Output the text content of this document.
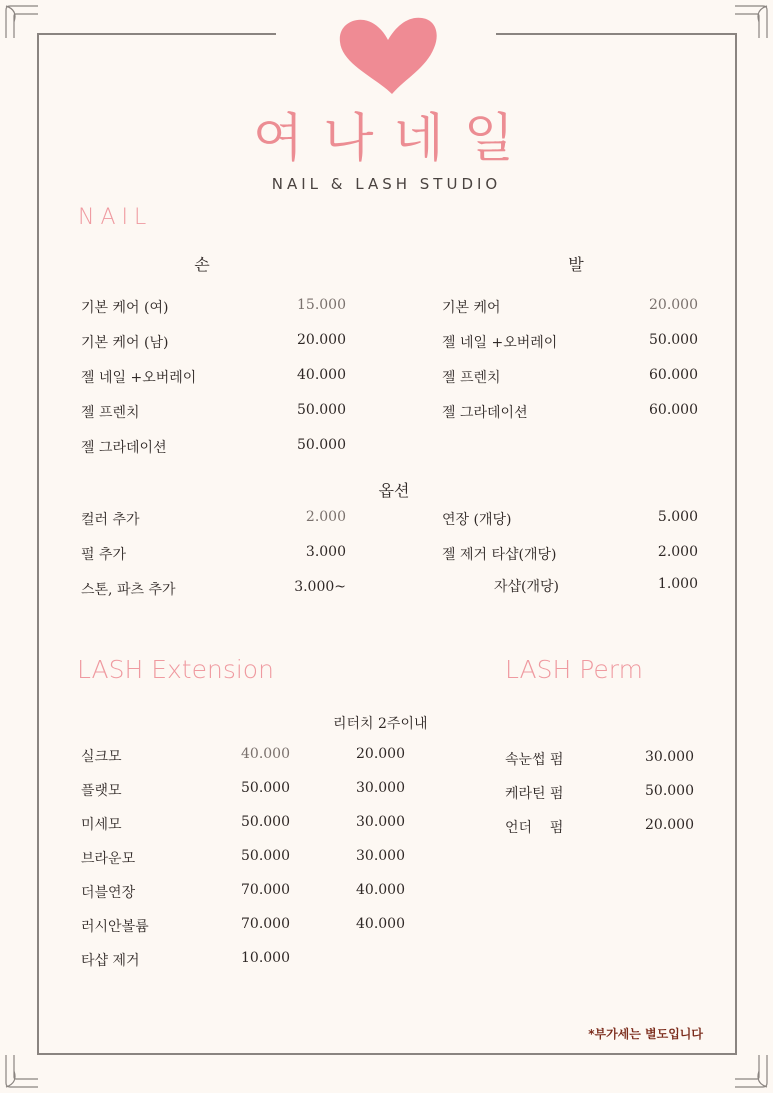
여나네일
NAIL & LASH STUDIO
NAIL
손	발
옵션
LASH Extension	LASH Perm
리터치 2주이내
*부가세는 별도입니다
기본 케어 (여)	15.000
기본 케어 (남)	20.000
젤 네일 +오버레이	40.000
젤 프렌치	50.000
젤 그라데이션	50.000
기본 케어	20.000
젤 네일 +오버레이	50.000
젤 프렌치	60.000
젤 그라데이션	60.000
컬러 추가	2.000
펄 추가	3.000
스톤, 파츠 추가	3.000~
연장 (개당)	5.000
젤 제거 타샵(개당)	2.000
자샵(개당)	1.000
실크모	40.000	20.000
플랫모	50.000	30.000
미세모	50.000	30.000
브라운모	50.000	30.000
더블연장	70.000	40.000
러시안볼륨	70.000	40.000
타샵 제거	10.000
속눈썹 펌	30.000
케라틴 펌	50.000
언더    펌	20.000
